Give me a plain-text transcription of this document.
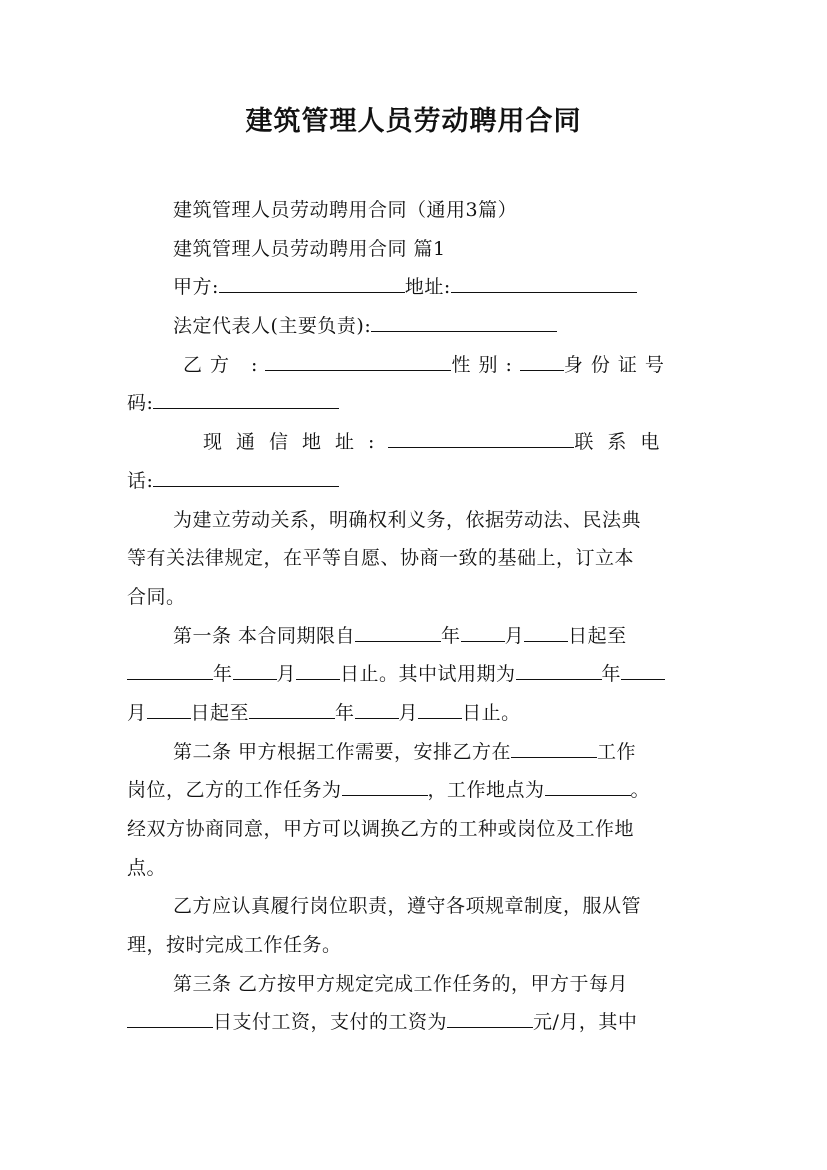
建筑管理人员劳动聘用合同
建筑管理人员劳动聘用合同（通用3篇）
建筑管理人员劳动聘用合同 篇1
甲方:	地址:
法定代表人(主要负责):
乙方 :	性别: 身份证号
码:
现通信地址:	联系电
话:
为建立劳动关系，明确权利义务，依据劳动法、民法典
等有关法律规定，在平等自愿、协商一致的基础上，订立本
合同。
第一条 本合同期限自	年 月 日起至
年 月 日止。其中试用期为	年
月 日起至	年 月 日止。
第二条 甲方根据工作需要，安排乙方在	工作
岗位，乙方的工作任务为	，工作地点为	。
经双方协商同意，甲方可以调换乙方的工种或岗位及工作地
点。
乙方应认真履行岗位职责，遵守各项规章制度，服从管
理，按时完成工作任务。
第三条 乙方按甲方规定完成工作任务的，甲方于每月
日支付工资，支付的工资为	元/月，其中
